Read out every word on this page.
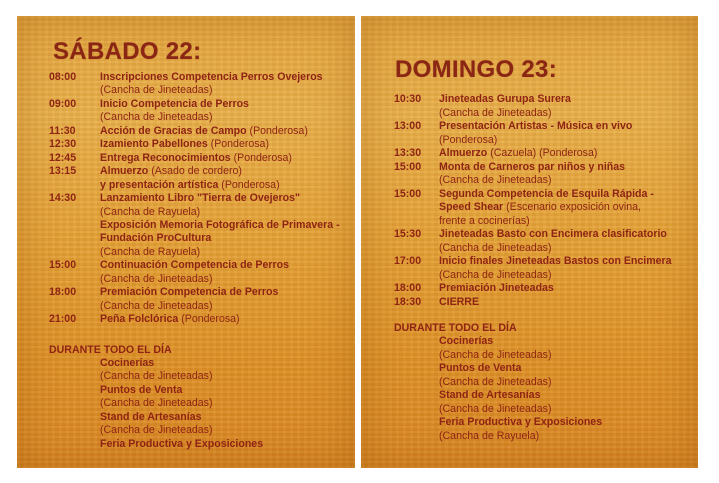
SÁBADO 22:
08:00 Inscripciones Competencia Perros Ovejeros
(Cancha de Jineteadas)
09:00 Inicio Competencia de Perros
(Cancha de Jineteadas)
11:30 Acción de Gracias de Campo (Ponderosa)
12:30 Izamiento Pabellones (Ponderosa)
12:45 Entrega Reconocimientos (Ponderosa)
13:15 Almuerzo (Asado de cordero)
y presentación artística (Ponderosa)
14:30 Lanzamiento Libro "Tierra de Ovejeros"
(Cancha de Rayuela)
Exposición Memoria Fotográfica de Primavera -
Fundación ProCultura
(Cancha de Rayuela)
15:00 Continuación Competencia de Perros
(Cancha de Jineteadas)
18:00 Premiación Competencia de Perros
(Cancha de Jineteadas)
21:00 Peña Folclórica (Ponderosa)
DURANTE TODO EL DÍA
Cocinerías
(Cancha de Jineteadas)
Puntos de Venta
(Cancha de Jineteadas)
Stand de Artesanías
(Cancha de Jineteadas)
Feria Productiva y Exposiciones
DOMINGO 23:
10:30 Jineteadas Gurupa Surera
(Cancha de Jineteadas)
13:00 Presentación Artistas - Música en vivo
(Ponderosa)
13:30 Almuerzo (Cazuela) (Ponderosa)
15:00 Monta de Carneros par niños y niñas
(Cancha de Jineteadas)
15:00 Segunda Competencia de Esquila Rápida -
Speed Shear (Escenario exposición ovina,
frente a cocinerías)
15:30 Jineteadas Basto con Encimera clasificatorio
(Cancha de Jineteadas)
17:00 Inicio finales Jineteadas Bastos con Encimera
(Cancha de Jineteadas)
18:00 Premiación Jineteadas
18:30 CIERRE
DURANTE TODO EL DÍA
Cocinerías
(Cancha de Jineteadas)
Puntos de Venta
(Cancha de Jineteadas)
Stand de Artesanías
(Cancha de Jineteadas)
Feria Productiva y Exposiciones
(Cancha de Rayuela)
